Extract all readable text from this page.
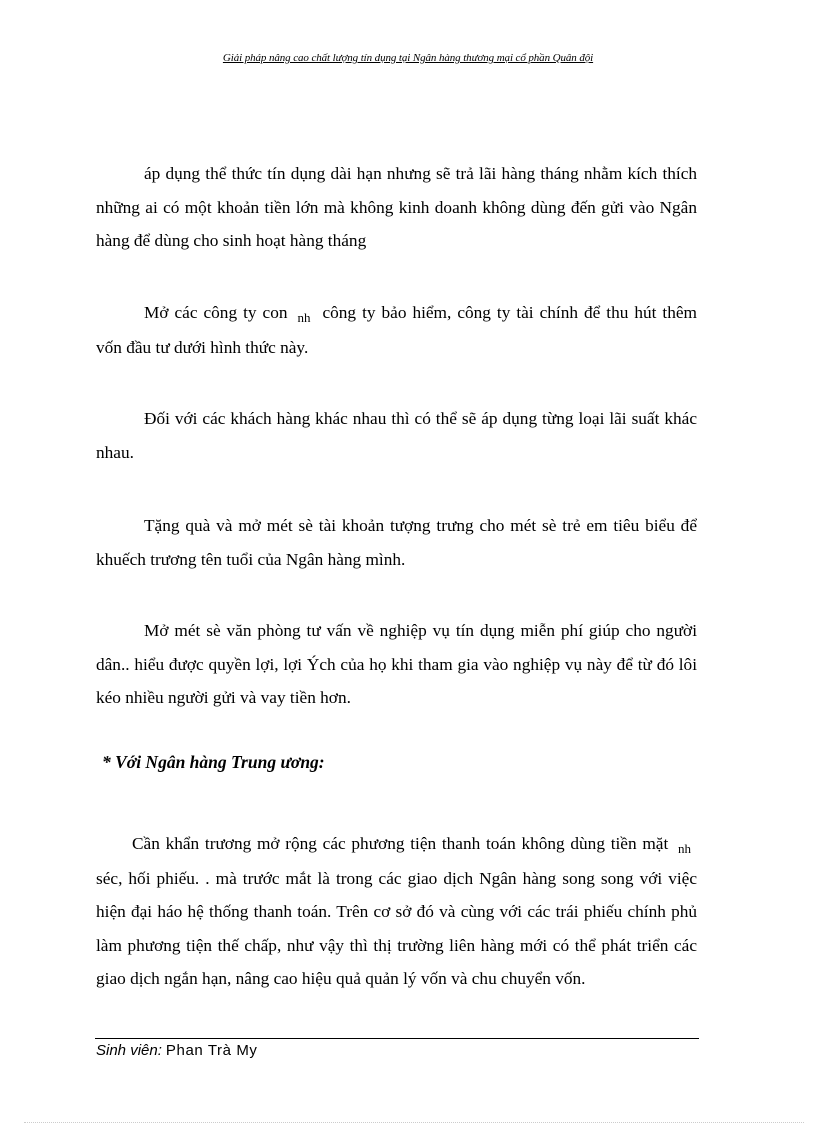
Giải pháp nâng cao chất lượng tín dụng tại Ngân hàng thương mại cổ phần Quân đội

áp dụng thể thức tín dụng dài hạn nhưng sẽ trả lãi hàng tháng nhằm kích thích những ai có một khoản tiền lớn mà không kinh doanh không dùng đến gửi vào Ngân hàng để dùng cho sinh hoạt hàng tháng

Mở các công ty con $_{nh}$ công ty bảo hiểm, công ty tài chính để thu hút thêm vốn đầu tư dưới hình thức này.

Đối với các khách hàng khác nhau thì có thể sẽ áp dụng từng loại lãi suất khác nhau.

Tặng quà và mở mét sè tài khoản tượng trưng cho mét sè trẻ em tiêu biểu để khuếch trương tên tuổi của Ngân hàng mình.

Mở mét sè văn phòng tư vấn về nghiệp vụ tín dụng miễn phí giúp cho người dân.. hiểu được quyền lợi, lợi Ých của họ khi tham gia vào nghiệp vụ này để từ đó lôi kéo nhiều người gửi và vay tiền hơn.

* Với Ngân hàng Trung ương:

Cần khẩn trương mở rộng các phương tiện thanh toán không dùng tiền mặt $_{nh}$ séc, hối phiếu. . mà trước mắt là trong các giao dịch Ngân hàng song song với việc hiện đại háo hệ thống thanh toán. Trên cơ sở đó và cùng với các trái phiếu chính phủ làm phương tiện thế chấp, như vậy thì thị trường liên hàng mới có thể phát triển các giao dịch ngắn hạn, nâng cao hiệu quả quản lý vốn và chu chuyển vốn.

Sinh viên: Phan Trà My
